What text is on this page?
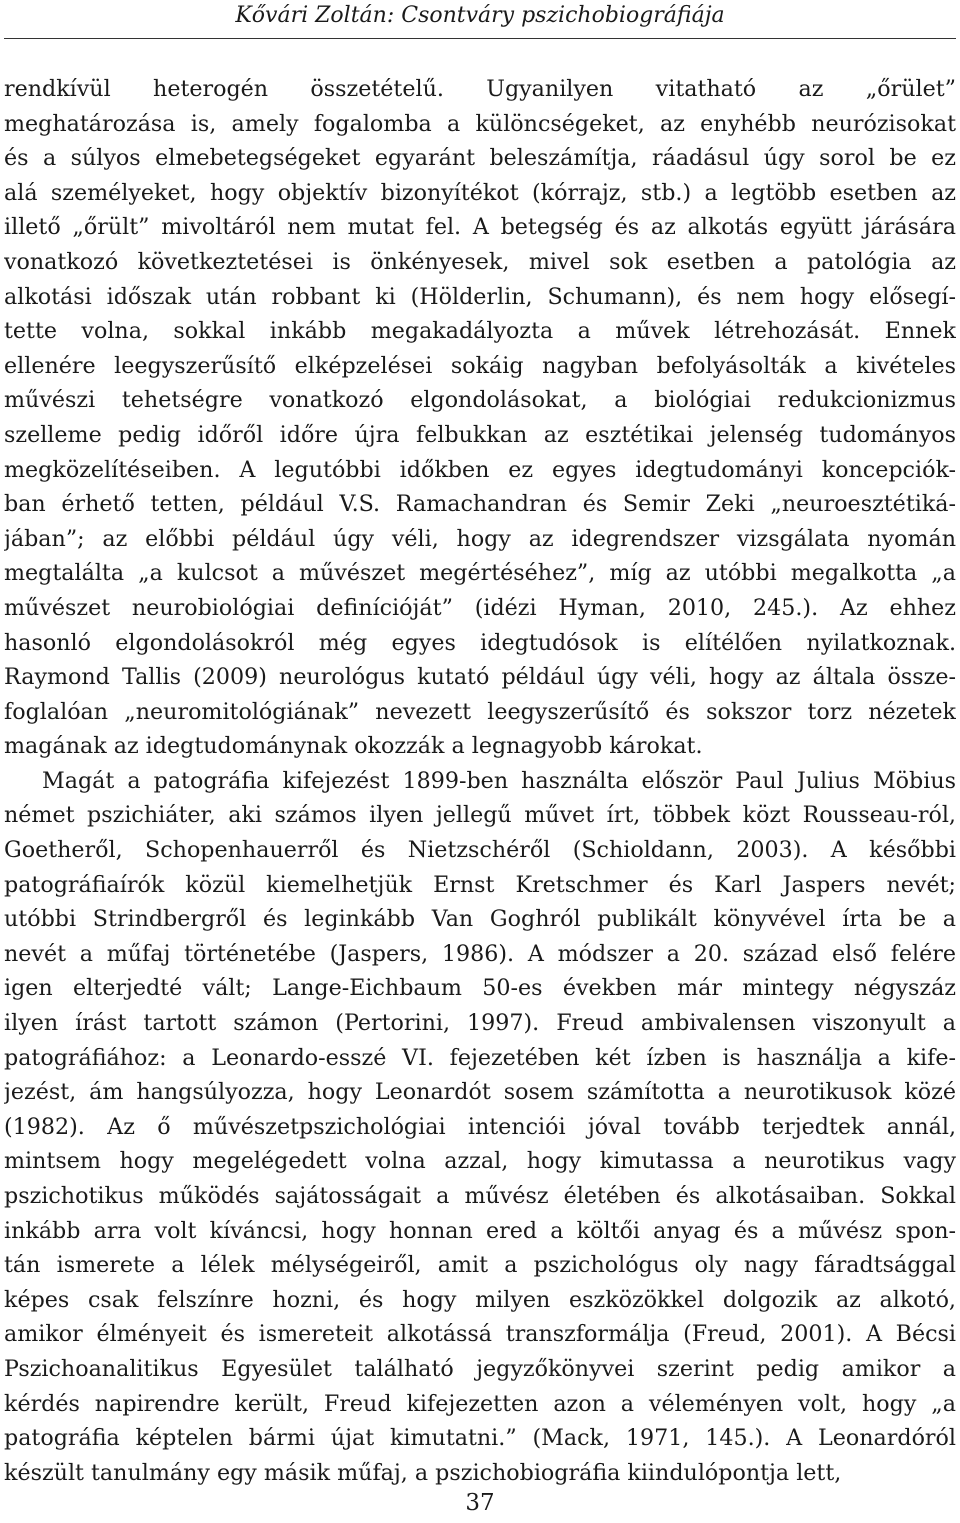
Kővári Zoltán: Csontváry pszichobiográfiája
rendkívül heterogén összetételű. Ugyanilyen vitatható az „őrület”
meghatározása is, amely fogalomba a különcségeket, az enyhébb neurózisokat
és a súlyos elmebetegségeket egyaránt beleszámítja, ráadásul úgy sorol be ez
alá személyeket, hogy objektív bizonyítékot (kórrajz, stb.) a legtöbb esetben az
illető „őrült” mivoltáról nem mutat fel. A betegség és az alkotás együtt járására
vonatkozó következtetései is önkényesek, mivel sok esetben a patológia az
alkotási időszak után robbant ki (Hölderlin, Schumann), és nem hogy elősegí-
tette volna, sokkal inkább megakadályozta a művek létrehozását. Ennek
ellenére leegyszerűsítő elképzelései sokáig nagyban befolyásolták a kivételes
művészi tehetségre vonatkozó elgondolásokat, a biológiai redukcionizmus
szelleme pedig időről időre újra felbukkan az esztétikai jelenség tudományos
megközelítéseiben. A legutóbbi időkben ez egyes idegtudományi koncepciók-
ban érhető tetten, például V.S. Ramachandran és Semir Zeki „neuroesztétiká-
jában”; az előbbi például úgy véli, hogy az idegrendszer vizsgálata nyomán
megtalálta „a kulcsot a művészet megértéséhez”, míg az utóbbi megalkotta „a
művészet neurobiológiai definícióját” (idézi Hyman, 2010, 245.). Az ehhez
hasonló elgondolásokról még egyes idegtudósok is elítélően nyilatkoznak.
Raymond Tallis (2009) neurológus kutató például úgy véli, hogy az általa össze-
foglalóan „neuromitológiának” nevezett leegyszerűsítő és sokszor torz nézetek
magának az idegtudománynak okozzák a legnagyobb károkat.
Magát a patográfia kifejezést 1899-ben használta először Paul Julius Möbius
német pszichiáter, aki számos ilyen jellegű művet írt, többek közt Rousseau-ról,
Goetheről, Schopenhauerről és Nietzschéről (Schioldann, 2003). A későbbi
patográfiaírók közül kiemelhetjük Ernst Kretschmer és Karl Jaspers nevét;
utóbbi Strindbergről és leginkább Van Goghról publikált könyvével írta be a
nevét a műfaj történetébe (Jaspers, 1986). A módszer a 20. század első felére
igen elterjedté vált; Lange-Eichbaum 50-es években már mintegy négyszáz
ilyen írást tartott számon (Pertorini, 1997). Freud ambivalensen viszonyult a
patográfiához: a Leonardo-esszé VI. fejezetében két ízben is használja a kife-
jezést, ám hangsúlyozza, hogy Leonardót sosem számította a neurotikusok közé
(1982). Az ő művészetpszichológiai intenciói jóval tovább terjedtek annál,
mintsem hogy megelégedett volna azzal, hogy kimutassa a neurotikus vagy
pszichotikus működés sajátosságait a művész életében és alkotásaiban. Sokkal
inkább arra volt kíváncsi, hogy honnan ered a költői anyag és a művész spon-
tán ismerete a lélek mélységeiről, amit a pszichológus oly nagy fáradtsággal
képes csak felszínre hozni, és hogy milyen eszközökkel dolgozik az alkotó,
amikor élményeit és ismereteit alkotássá transzformálja (Freud, 2001). A Bécsi
Pszichoanalitikus Egyesület található jegyzőkönyvei szerint pedig amikor a
kérdés napirendre került, Freud kifejezetten azon a véleményen volt, hogy „a
patográfia képtelen bármi újat kimutatni.” (Mack, 1971, 145.). A Leonardóról
készült tanulmány egy másik műfaj, a pszichobiográfia kiindulópontja lett,
37
